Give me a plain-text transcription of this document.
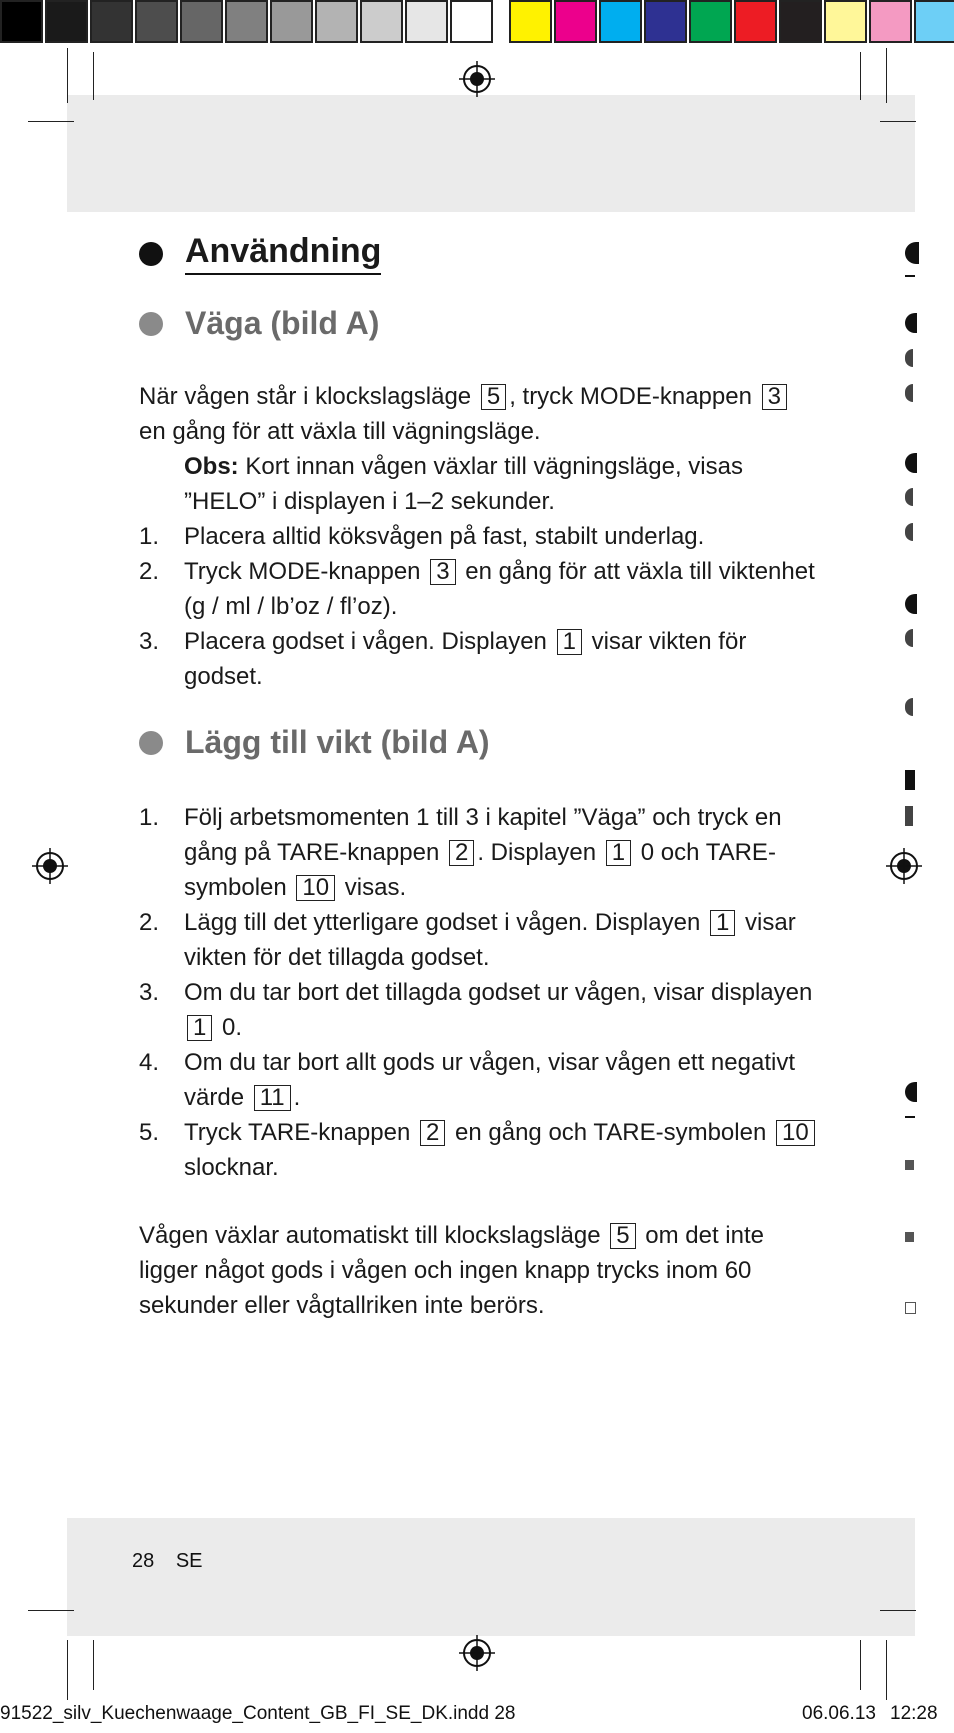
Användning
Väga (bild A)
När vågen står i klockslagsläge 5 , tryck MODE-knappen 3 en gång för att växla till vägningsläge.
Obs: Kort innan vågen växlar till vägningsläge, visas ”HELO” i displayen i 1–2 sekunder.
1. Placera alltid köksvågen på fast, stabilt underlag.
2. Tryck MODE-knappen 3 en gång för att växla till viktenhet (g / ml / lb’oz / fl’oz).
3. Placera godset i vågen. Displayen 1 visar vikten för godset.
Lägg till vikt (bild A)
1. Följ arbetsmomenten 1 till 3 i kapitel ”Väga” och tryck en gång på TARE-knappen 2 . Displayen 1 0 och TARE-symbolen 10 visas.
2. Lägg till det ytterligare godset i vågen. Displayen 1 visar vikten för det tillagda godset.
3. Om du tar bort det tillagda godset ur vågen, visar displayen 1 0.
4. Om du tar bort allt gods ur vågen, visar vågen ett negativt värde 11 .
5. Tryck TARE-knappen 2 en gång och TARE-symbolen 10 slocknar.
Vågen växlar automatiskt till klockslagsläge 5 om det inte ligger något gods i vågen och ingen knapp trycks inom 60 sekunder eller vågtallriken inte berörs.
28 SE
91522_silv_Kuechenwaage_Content_GB_FI_SE_DK.indd 28	06.06.13 12:28
